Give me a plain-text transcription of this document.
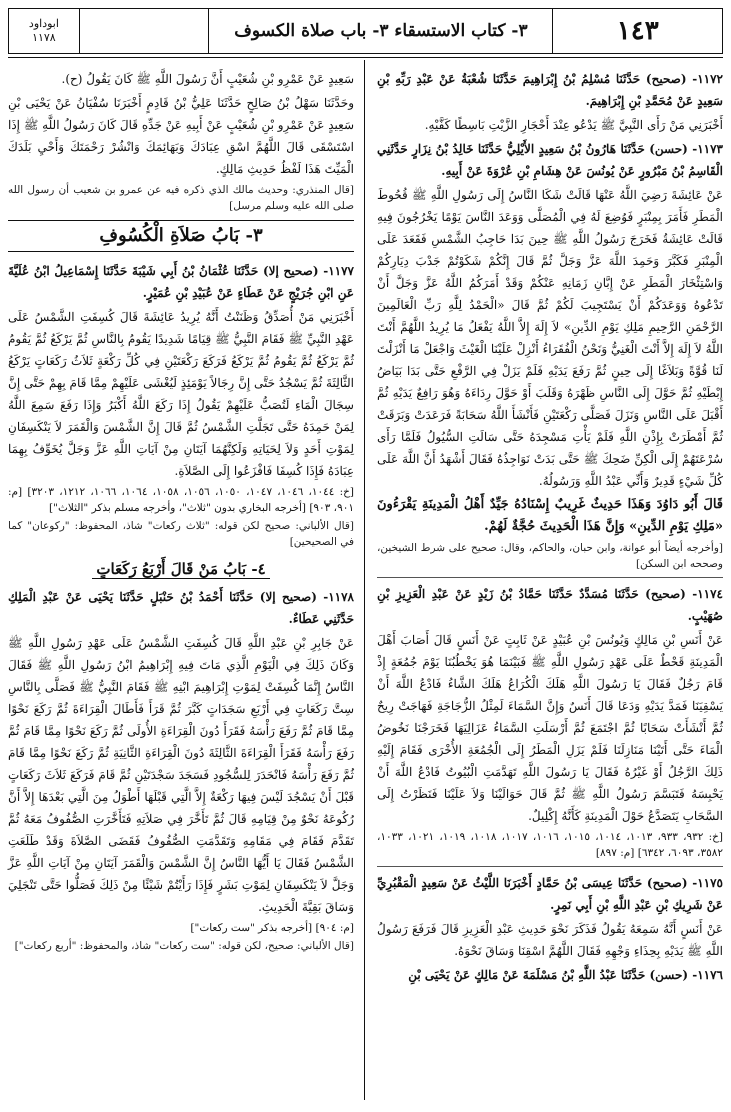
١٤٣
٣- كتاب الاستسقاء ٣- باب صلاة الكسوف
ابوداود
١١٧٨

١١٧٢- (صحيح) حَدَّثَنَا مُسْلِمُ بْنُ إِبْرَاهِيمَ حَدَّثَنَا شُعْبَةُ عَنْ عَبْدِ رَبِّهِ بْنِ سَعِيدٍ عَنْ مُحَمَّدِ بْنِ إِبْرَاهِيمَ.

أَخْبَرَنِي مَنْ رَأَى النَّبِيَّ ﷺ يَدْعُو عِنْدَ أَحْجَارِ الزَّيْتِ بَاسِطًا كَفَّيْهِ.

١١٧٣- (حسن) حَدَّثَنَا هَارُونُ بْنُ سَعِيدٍ الأَيْلِيُّ حَدَّثَنَا خَالِدُ بْنُ نِزَارٍ حَدَّثَنِي الْقَاسِمُ بْنُ مَبْرُورٍ عَنْ يُونُسَ عَنْ هِشَامِ بْنِ عُرْوَةَ عَنْ أَبِيهِ.

عَنْ عَائِشَةَ رَضِيَ اللَّهُ عَنْهَا قَالَتْ شَكَا النَّاسُ إِلَى رَسُولِ اللَّهِ ﷺ قُحُوطَ الْمَطَرِ فَأَمَرَ بِمِنْبَرٍ فَوُضِعَ لَهُ فِي الْمُصَلَّى وَوَعَدَ النَّاسَ يَوْمًا يَخْرُجُونَ فِيهِ قَالَتْ عَائِشَةُ فَخَرَجَ رَسُولُ اللَّهِ ﷺ حِينَ بَدَا حَاجِبُ الشَّمْسِ فَقَعَدَ عَلَى الْمِنْبَرِ فَكَبَّرَ وَحَمِدَ اللَّهَ عَزَّ وَجَلَّ ثُمَّ قَالَ إِنَّكُمْ شَكَوْتُمْ جَدْبَ دِيَارِكُمْ وَاسْتِئْخَارَ الْمَطَرِ عَنْ إِبَّانِ زَمَانِهِ عَنْكُمْ وَقَدْ أَمَرَكُمُ اللَّهُ عَزَّ وَجَلَّ أَنْ تَدْعُوهُ وَوَعَدَكُمْ أَنْ يَسْتَجِيبَ لَكُمْ ثُمَّ قَالَ «الْحَمْدُ لِلَّهِ رَبِّ الْعَالَمِينَ الرَّحْمَنِ الرَّحِيمِ مَلِكِ يَوْمِ الدِّينِ» لاَ إِلَهَ إِلاَّ اللَّهُ يَفْعَلُ مَا يُرِيدُ اللَّهُمَّ أَنْتَ اللَّهُ لاَ إِلَهَ إِلاَّ أَنْتَ الْغَنِيُّ وَنَحْنُ الْفُقَرَاءُ أَنْزِلْ عَلَيْنَا الْغَيْثَ وَاجْعَلْ مَا أَنْزَلْتَ لَنَا قُوَّةً وَبَلاَغًا إِلَى حِينٍ ثُمَّ رَفَعَ يَدَيْهِ فَلَمْ يَزَلْ فِي الرَّفْعِ حَتَّى بَدَا بَيَاضُ إِبْطَيْهِ ثُمَّ حَوَّلَ إِلَى النَّاسِ ظَهْرَهُ وَقَلَبَ أَوْ حَوَّلَ رِدَاءَهُ وَهُوَ رَافِعٌ يَدَيْهِ ثُمَّ أَقْبَلَ عَلَى النَّاسِ وَنَزَلَ فَصَلَّى رَكْعَتَيْنِ فَأَنْشَأَ اللَّهُ سَحَابَةً فَرَعَدَتْ وَبَرَقَتْ ثُمَّ أَمْطَرَتْ بِإِذْنِ اللَّهِ فَلَمْ يَأْتِ مَسْجِدَهُ حَتَّى سَالَتِ السُّيُولُ فَلَمَّا رَأَى سُرْعَتَهُمْ إِلَى الْكِنِّ ضَحِكَ ﷺ حَتَّى بَدَتْ نَوَاجِذُهُ فَقَالَ أَشْهَدُ أَنَّ اللَّهَ عَلَى كُلِّ شَيْءٍ قَدِيرٌ وَأَنِّي عَبْدُ اللَّهِ وَرَسُولُهُ.

قَالَ أَبُو دَاوُدَ وَهَذَا حَدِيثٌ غَرِيبٌ إِسْنَادُهُ جَيِّدٌ أَهْلُ الْمَدِينَةِ يَقْرَءُونَ «مَلِكِ يَوْمِ الدِّينِ» وَإِنَّ هَذَا الْحَدِيثَ حُجَّةٌ لَهُمْ.

[وأخرجه أيضاً أبو عوانة، وابن حبان، والحاكم، وقال: صحيح على شرط الشيخين، وصححه ابن السكن]

١١٧٤- (صحيح) حَدَّثَنَا مُسَدَّدٌ حَدَّثَنَا حَمَّادُ بْنُ زَيْدٍ عَنْ عَبْدِ الْعَزِيزِ بْنِ صُهَيْبٍ.

عَنْ أَنَسِ بْنِ مَالِكٍ وَيُونُسَ بْنِ عُبَيْدٍ عَنْ ثَابِتٍ عَنْ أَنَسٍ قَالَ أَصَابَ أَهْلَ الْمَدِينَةِ قَحْطٌ عَلَى عَهْدِ رَسُولِ اللَّهِ ﷺ فَبَيْنَمَا هُوَ يَخْطُبُنَا يَوْمَ جُمُعَةٍ إِذْ قَامَ رَجُلٌ فَقَالَ يَا رَسُولَ اللَّهِ هَلَكَ الْكُرَاعُ هَلَكَ الشَّاءُ فَادْعُ اللَّهَ أَنْ يَسْقِيَنَا فَمَدَّ يَدَيْهِ وَدَعَا قَالَ أَنَسٌ وَإِنَّ السَّمَاءَ لَمِثْلُ الزُّجَاجَةِ فَهَاجَتْ رِيحٌ ثُمَّ أَنْشَأَتْ سَحَابًا ثُمَّ اجْتَمَعَ ثُمَّ أَرْسَلَتِ السَّمَاءُ عَزَالِيَهَا فَخَرَجْنَا نَخُوضُ الْمَاءَ حَتَّى أَتَيْنَا مَنَازِلَنَا فَلَمْ يَزَلِ الْمَطَرُ إِلَى الْجُمُعَةِ الأُخْرَى فَقَامَ إِلَيْهِ ذَلِكَ الرَّجُلُ أَوْ غَيْرُهُ فَقَالَ يَا رَسُولَ اللَّهِ تَهَدَّمَتِ الْبُيُوتُ فَادْعُ اللَّهَ أَنْ يَحْبِسَهُ فَتَبَسَّمَ رَسُولُ اللَّهِ ﷺ ثُمَّ قَالَ حَوَالَيْنَا وَلاَ عَلَيْنَا فَنَظَرْتُ إِلَى السَّحَابِ يَتَصَدَّعُ حَوْلَ الْمَدِينَةِ كَأَنَّهُ إِكْلِيلٌ.

[خ: ٩٣٢، ٩٣٣، ١٠١٣، ١٠١٤، ١٠١٥، ١٠١٦، ١٠١٧، ١٠١٨، ١٠١٩، ١٠٢١، ١٠٣٣، ٣٥٨٢، ٦٠٩٣، ٦٣٤٢] [م: ٨٩٧]

١١٧٥- (صحيح) حَدَّثَنَا عِيسَى بْنُ حَمَّادٍ أَخْبَرَنَا اللَّيْثُ عَنْ سَعِيدٍ الْمَقْبُرِيِّ عَنْ شَرِيكِ بْنِ عَبْدِ اللَّهِ بْنِ أَبِي نَمِرٍ.

عَنْ أَنَسٍ أَنَّهُ سَمِعَهُ يَقُولُ فَذَكَرَ نَحْوَ حَدِيثِ عَبْدِ الْعَزِيزِ قَالَ فَرَفَعَ رَسُولُ اللَّهِ ﷺ يَدَيْهِ بِحِذَاءِ وَجْهِهِ فَقَالَ اللَّهُمَّ اسْقِنَا وَسَاقَ نَحْوَهُ.

١١٧٦- (حسن) حَدَّثَنَا عَبْدُ اللَّهِ بْنُ مَسْلَمَةَ عَنْ مَالِكٍ عَنْ يَحْيَى بْنِ

سَعِيدٍ عَنْ عَمْرِو بْنِ شُعَيْبٍ أَنَّ رَسُولَ اللَّهِ ﷺ كَانَ يَقُولُ (ح).

وحَدَّثَنَا سَهْلُ بْنُ صَالِحٍ حَدَّثَنَا عَلِيُّ بْنُ قَادِمٍ أَخْبَرَنَا سُفْيَانُ عَنْ يَحْيَى بْنِ سَعِيدٍ عَنْ عَمْرِو بْنِ شُعَيْبٍ عَنْ أَبِيهِ عَنْ جَدِّهِ قَالَ كَانَ رَسُولُ اللَّهِ ﷺ إِذَا اسْتَسْقَى قَالَ اللَّهُمَّ اسْقِ عِبَادَكَ وَبَهَائِمَكَ وَانْشُرْ رَحْمَتَكَ وَأَحْيِ بَلَدَكَ الْمَيِّتَ هَذَا لَفْظُ حَدِيثِ مَالِكٍ.

[قال المنذري: وحديث مالك الذي ذكره فيه عن عمرو بن شعيب أن رسول الله صلى الله عليه وسلم مرسل]

٣- بَابُ صَلاَةِ الْكُسُوفِ

١١٧٧- (صحيح إلا) حَدَّثَنَا عُثْمَانُ بْنُ أَبِي شَيْبَةَ حَدَّثَنَا إِسْمَاعِيلُ ابْنُ عُلَيَّةَ عَنِ ابْنِ جُرَيْجٍ عَنْ عَطَاءٍ عَنْ عُبَيْدِ بْنِ عُمَيْرٍ.

أَخْبَرَنِي مَنْ أُصَدِّقُ وَظَنَنْتُ أَنَّهُ يُرِيدُ عَائِشَةَ قَالَ كُسِفَتِ الشَّمْسُ عَلَى عَهْدِ النَّبِيِّ ﷺ فَقَامَ النَّبِيُّ ﷺ قِيَامًا شَدِيدًا يَقُومُ بِالنَّاسِ ثُمَّ يَرْكَعُ ثُمَّ يَقُومُ ثُمَّ يَرْكَعُ ثُمَّ يَقُومُ ثُمَّ يَرْكَعُ فَرَكَعَ رَكْعَتَيْنِ فِي كُلِّ رَكْعَةٍ ثَلاَثُ رَكَعَاتٍ يَرْكَعُ الثَّالِثَةَ ثُمَّ يَسْجُدُ حَتَّى إِنَّ رِجَالاً يَوْمَئِذٍ لَيُغْشَى عَلَيْهِمْ مِمَّا قَامَ بِهِمْ حَتَّى إِنَّ سِجَالَ الْمَاءِ لَتُصَبُّ عَلَيْهِمْ يَقُولُ إِذَا رَكَعَ اللَّهُ أَكْبَرُ وَإِذَا رَفَعَ سَمِعَ اللَّهُ لِمَنْ حَمِدَهُ حَتَّى تَجَلَّتِ الشَّمْسُ ثُمَّ قَالَ إِنَّ الشَّمْسَ وَالْقَمَرَ لاَ يَنْكَسِفَانِ لِمَوْتِ أَحَدٍ وَلاَ لِحَيَاتِهِ وَلَكِنَّهُمَا آيَتَانِ مِنْ آيَاتِ اللَّهِ عَزَّ وَجَلَّ يُخَوِّفُ بِهِمَا عِبَادَهُ فَإِذَا كُسِفَا فَافْزَعُوا إِلَى الصَّلاَةِ.

[خ: ١٠٤٤، ١٠٤٦، ١٠٤٧، ١٠٥٠، ١٠٥٦، ١٠٥٨، ١٠٦٤، ١٠٦٦، ١٢١٢، ٣٢٠٣] [م: ٩٠١، ٩٠٣] [أخرجه البخاري بدون "ثلاث"، وأخرجه مسلم بذكر "الثلاث"]

[قال الألباني: صحيح لكن قوله: "ثلاث ركعات" شاذ، المحفوظ: "ركوعان" كما في الصحيحين]

٤- بَابُ مَنْ قَالَ أَرْبَعُ رَكَعَاتٍ

١١٧٨- (صحيح إلا) حَدَّثَنَا أَحْمَدُ بْنُ حَنْبَلٍ حَدَّثَنَا يَحْيَى عَنْ عَبْدِ الْمَلِكِ حَدَّثَنِي عَطَاءٌ.

عَنْ جَابِرِ بْنِ عَبْدِ اللَّهِ قَالَ كُسِفَتِ الشَّمْسُ عَلَى عَهْدِ رَسُولِ اللَّهِ ﷺ وَكَانَ ذَلِكَ فِي الْيَوْمِ الَّذِي مَاتَ فِيهِ إِبْرَاهِيمُ ابْنُ رَسُولِ اللَّهِ ﷺ فَقَالَ النَّاسُ إِنَّمَا كُسِفَتْ لِمَوْتِ إِبْرَاهِيمَ ابْنِهِ ﷺ فَقَامَ النَّبِيُّ ﷺ فَصَلَّى بِالنَّاسِ سِتَّ رَكَعَاتٍ فِي أَرْبَعِ سَجَدَاتٍ كَبَّرَ ثُمَّ قَرَأَ فَأَطَالَ الْقِرَاءَةَ ثُمَّ رَكَعَ نَحْوًا مِمَّا قَامَ ثُمَّ رَفَعَ رَأْسَهُ فَقَرَأَ دُونَ الْقِرَاءَةِ الأُولَى ثُمَّ رَكَعَ نَحْوًا مِمَّا قَامَ ثُمَّ رَفَعَ رَأْسَهُ فَقَرَأَ الْقِرَاءَةَ الثَّالِثَةَ دُونَ الْقِرَاءَةِ الثَّانِيَةِ ثُمَّ رَكَعَ نَحْوًا مِمَّا قَامَ ثُمَّ رَفَعَ رَأْسَهُ فَانْحَدَرَ لِلسُّجُودِ فَسَجَدَ سَجْدَتَيْنِ ثُمَّ قَامَ فَرَكَعَ ثَلاَثَ رَكَعَاتٍ قَبْلَ أَنْ يَسْجُدَ لَيْسَ فِيهَا رَكْعَةٌ إِلاَّ الَّتِي قَبْلَهَا أَطْوَلُ مِنَ الَّتِي بَعْدَهَا إِلاَّ أَنَّ رُكُوعَهُ نَحْوٌ مِنْ قِيَامِهِ قَالَ ثُمَّ تَأَخَّرَ فِي صَلاَتِهِ فَتَأَخَّرَتِ الصُّفُوفُ مَعَهُ ثُمَّ تَقَدَّمَ فَقَامَ فِي مَقَامِهِ وَتَقَدَّمَتِ الصُّفُوفُ فَقَضَى الصَّلاَةَ وَقَدْ طَلَعَتِ الشَّمْسُ فَقَالَ يَا أَيُّهَا النَّاسُ إِنَّ الشَّمْسَ وَالْقَمَرَ آيَتَانِ مِنْ آيَاتِ اللَّهِ عَزَّ وَجَلَّ لاَ يَنْكَسِفَانِ لِمَوْتِ بَشَرٍ فَإِذَا رَأَيْتُمْ شَيْئًا مِنْ ذَلِكَ فَصَلُّوا حَتَّى تَنْجَلِيَ وَسَاقَ بَقِيَّةَ الْحَدِيثِ.

[م: ٩٠٤] [أخرجه بذكر "ست ركعات"]

[قال الألباني: صحيح، لكن قوله: "ست ركعات" شاذ، والمحفوظ: "أربع ركعات"]
